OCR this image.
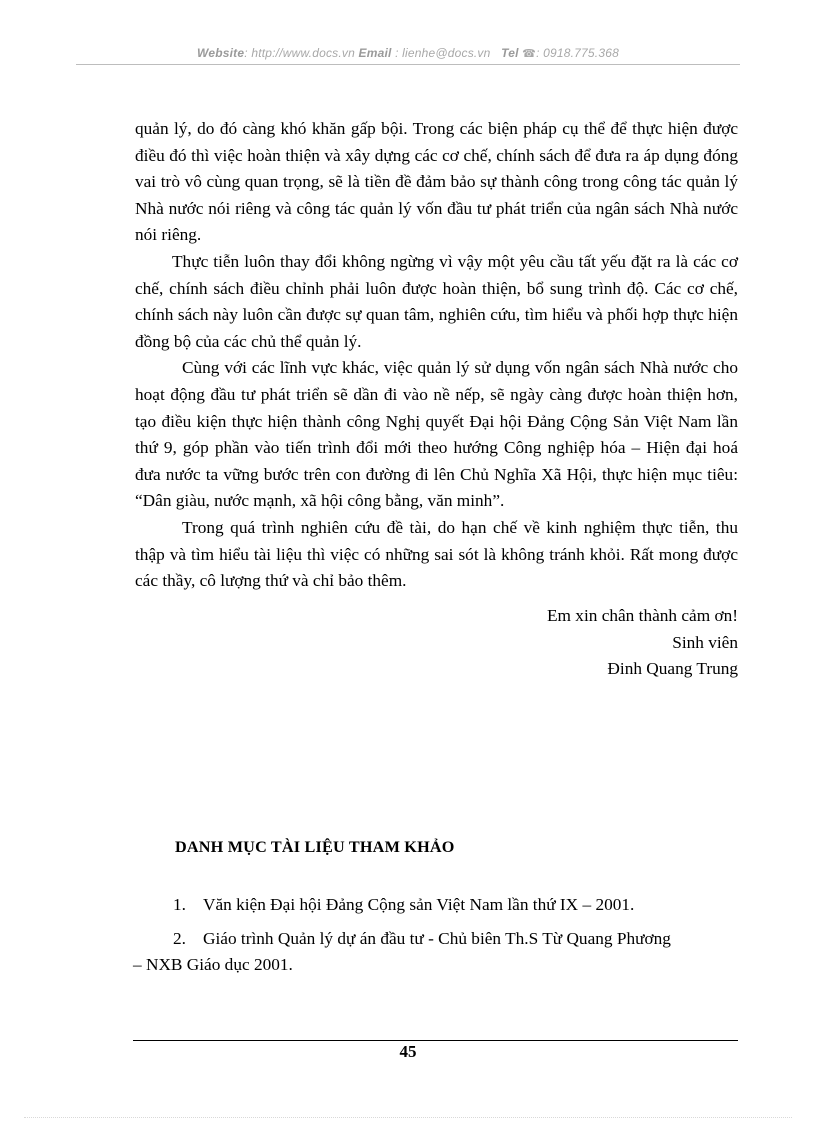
Website: http://www.docs.vn Email : lienhe@docs.vn Tel ☎: 0918.775.368

quản lý, do đó càng khó khăn gấp bội. Trong các biện pháp cụ thể để thực hiện được điều đó thì việc hoàn thiện và xây dựng các cơ chế, chính sách để đưa ra áp dụng đóng vai trò vô cùng quan trọng, sẽ là tiền đề đảm bảo sự thành công trong công tác quản lý Nhà nước nói riêng và công tác quản lý vốn đầu tư phát triển của ngân sách Nhà nước nói riêng.

Thực tiễn luôn thay đổi không ngừng vì vậy một yêu cầu tất yếu đặt ra là các cơ chế, chính sách điều chỉnh phải luôn được hoàn thiện, bổ sung trình độ. Các cơ chế, chính sách này luôn cần được sự quan tâm, nghiên cứu, tìm hiểu và phối hợp thực hiện đồng bộ của các chủ thể quản lý.

Cùng với các lĩnh vực khác, việc quản lý sử dụng vốn ngân sách Nhà nước cho hoạt động đầu tư phát triển sẽ dần đi vào nề nếp, sẽ ngày càng được hoàn thiện hơn, tạo điều kiện thực hiện thành công Nghị quyết Đại hội Đảng Cộng Sản Việt Nam lần thứ 9, góp phần vào tiến trình đổi mới theo hướng Công nghiệp hóa – Hiện đại hoá đưa nước ta vững bước trên con đường đi lên Chủ Nghĩa Xã Hội, thực hiện mục tiêu: “Dân giàu, nước mạnh, xã hội công bằng, văn minh”.

Trong quá trình nghiên cứu đề tài, do hạn chế về kinh nghiệm thực tiễn, thu thập và tìm hiểu tài liệu thì việc có những sai sót là không tránh khỏi. Rất mong được các thầy, cô lượng thứ và chỉ bảo thêm.

Em xin chân thành cảm ơn!
Sinh viên
Đinh Quang Trung
DANH MỤC TÀI LIỆU THAM KHẢO
1. Văn kiện Đại hội Đảng Cộng sản Việt Nam lần thứ IX – 2001.
2. Giáo trình Quản lý dự án đầu tư - Chủ biên Th.S Từ Quang Phương
– NXB Giáo dục 2001.
45
